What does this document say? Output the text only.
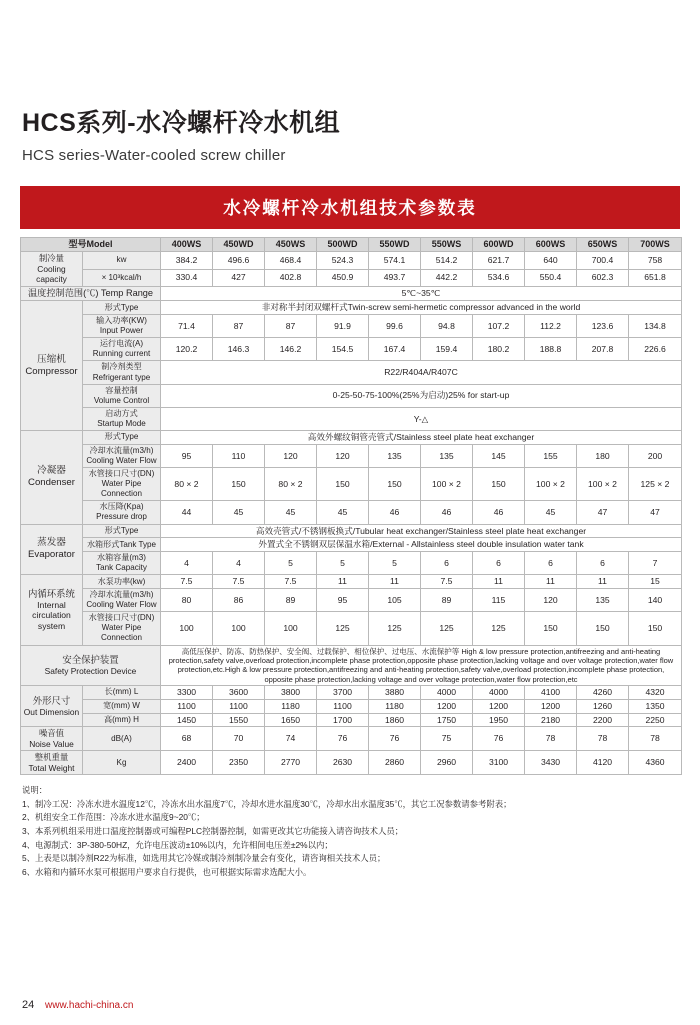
HCS系列-水冷螺杆冷水机组
HCS series-Water-cooled screw chiller
水冷螺杆冷水机组技术参数表
型号Model		400WS	450WD	450WS	500WD	550WD	550WS	600WD	600WS	650WS	700WS

制冷量
Cooling capacity	kw	384.2	496.6	468.4	524.3	574.1	514.2	621.7	640	700.4	758
	× 10³kcal/h	330.4	427	402.8	450.9	493.7	442.2	534.6	550.4	602.3	651.8
温度控制范围(℃) Temp Range		5℃~35℃									

压缩机
Compressor	形式Type	非对称半封闭双螺杆式Twin-screw semi-hermetic compressor advanced in the world									

	输入功率(KW)
Input Power	71.4	87	87	91.9	99.6	94.8	107.2	112.2	123.6	134.8

	运行电流(A)
Running current	120.2	146.3	146.2	154.5	167.4	159.4	180.2	188.8	207.8	226.6

	制冷剂类型
Refrigerant type	R22/R404A/R407C									

	容量控制
Volume Control	0-25-50-75-100%(25%为启动)25% for start-up									

	启动方式
Startup Mode	Y-△									

冷凝器
Condenser	形式Type	高效外螺纹铜管壳管式/Stainless steel plate heat exchanger									

	冷却水流量(m3/h)
Cooling Water Flow	95	110	120	120	135	135	145	155	180	200

	水管接口尺寸(DN)
Water Pipe Connection	80 × 2	150	80 × 2	150	150	100 × 2	150	100 × 2	100 × 2	125 × 2

	水压降(Kpa)
Pressure drop	44	45	45	45	46	46	46	45	47	47

蒸发器
Evaporator	形式Type	高效壳管式/不锈钢板换式/Tubular heat exchanger/Stainless steel plate heat exchanger									
	水箱形式Tank Type	外置式全不锈钢双层保温水箱/External - Allstainless steel double insulation water tank									

	水箱容量(m3)
Tank Capacity	4	4	5	5	5	6	6	6	6	7

内循环系统
Internal
circulation
system	水泵功率(kw)	7.5	7.5	7.5	11	11	7.5	11	11	11	15

	冷却水流量(m3/h)
Cooling Water Flow	80	86	89	95	105	89	115	120	135	140

	水管接口尺寸(DN)
Water Pipe Connection	100	100	100	125	125	125	125	150	150	150

安全保护装置
Safety Protection Device		高低压保护、防冻、防热保护、安全阀、过载保护、相位保护、过电压、水流保护等 High & low pressure protection,antifreezing and anti-heating protection,safety valve,overload protection,incomplete phase protection,opposite phase protection,lacking voltage and over voltage protection,water flow protection,etc.High & low pressure protection,antifreezing and anti-heating protection,safety valve,overload protection,incomplete phase protection, opposite phase protection,lacking voltage and over voltage protection,water flow protection,etc									

外形尺寸
Out Dimension	长(mm) L	3300	3600	3800	3700	3880	4000	4000	4100	4260	4320
	宽(mm) W	1100	1100	1180	1100	1180	1200	1200	1200	1260	1350
	高(mm) H	1450	1550	1650	1700	1860	1750	1950	2180	2200	2250

噪音值
Noise Value	dB(A)	68	70	74	76	76	75	76	78	78	78

整机重量
Total Weight	Kg	2400	2350	2770	2630	2860	2960	3100	3430	4120	4360
说明：
1、制冷工况：冷冻水进水温度12℃，冷冻水出水温度7℃，冷却水进水温度30℃，冷却水出水温度35℃，其它工况参数请参考附表；
2、机组安全工作范围：冷冻水进水温度9~20℃；
3、本系列机组采用进口温度控制器或可编程PLC控制器控制，如需更改其它功能接入请咨询技术人员；
4、电源制式：3P-380-50HZ，允许电压波动±10%以内，允许相间电压差±2%以内；
5、上表是以制冷剂R22为标准，如选用其它冷媒或制冷剂制冷量会有变化，请咨询相关技术人员；
6、水箱和内循环水泵可根据用户要求自行提供，也可根据实际需求选配大小。
24 www.hachi-china.cn
